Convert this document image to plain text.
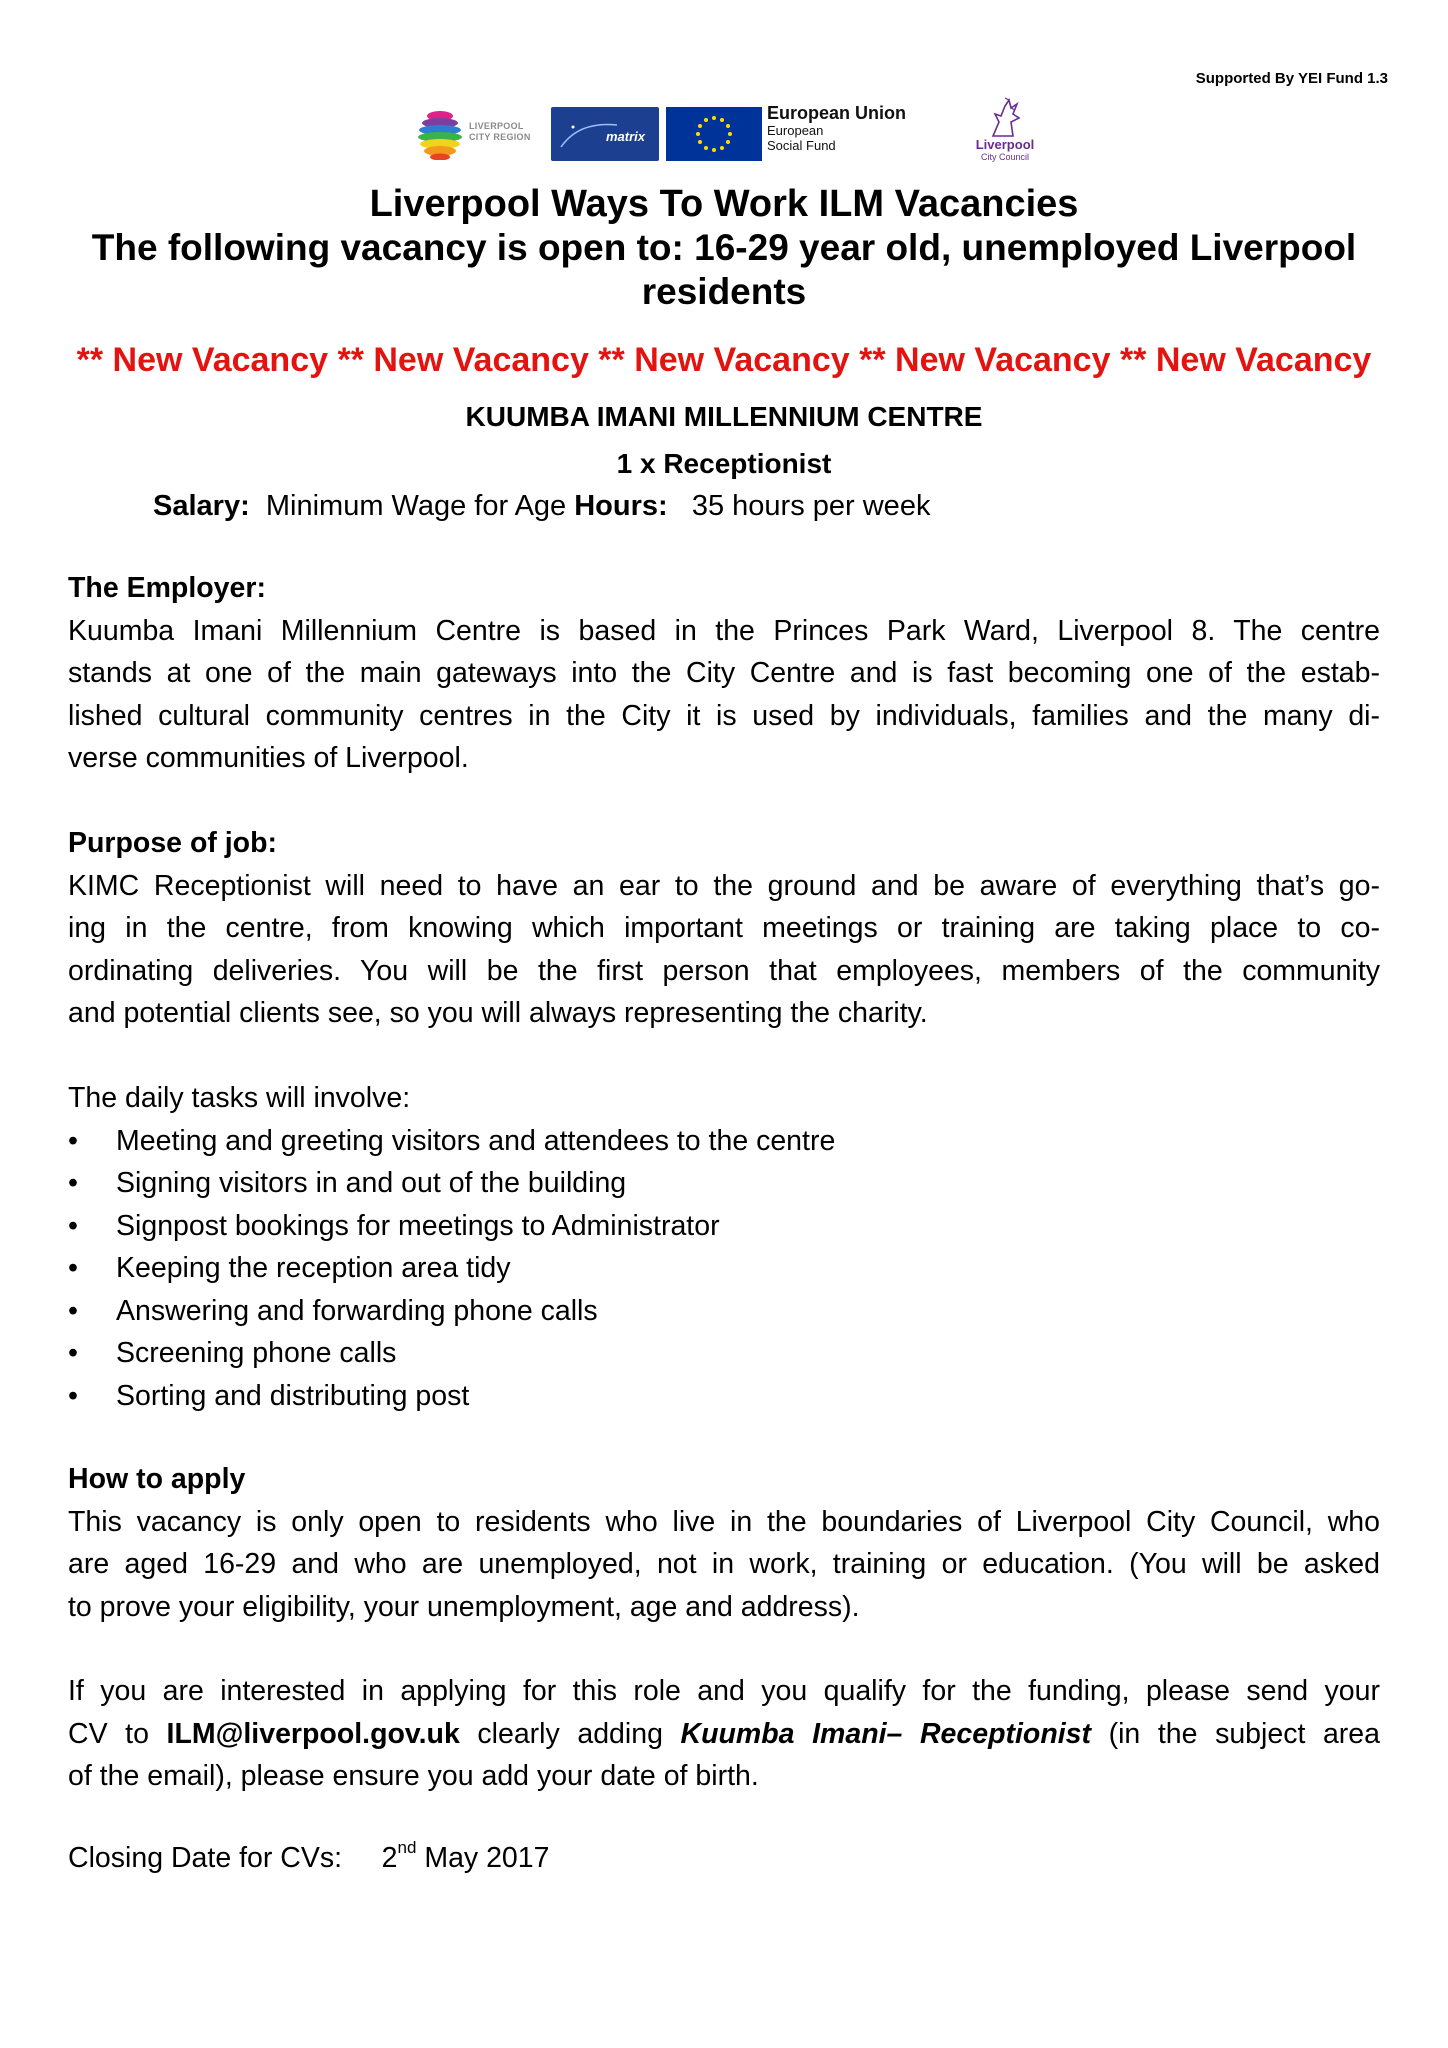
Supported By YEI Fund 1.3
LIVERPOOL
CITY REGION	matrix
European Union
European
Social Fund	Liverpool
City Council
Liverpool Ways To Work ILM Vacancies
The following vacancy is open to: 16-29 year old, unemployed Liverpool
residents
** New Vacancy ** New Vacancy ** New Vacancy ** New Vacancy ** New Vacancy
KUUMBA IMANI MILLENNIUM CENTRE
1 x Receptionist
Salary: Minimum Wage for Age Hours: 35 hours per week
The Employer:
Kuumba Imani Millennium Centre is based in the Princes Park Ward, Liverpool 8. The centre
stands at one of the main gateways into the City Centre and is fast becoming one of the estab-
lished cultural community centres in the City it is used by individuals, families and the many di-
verse communities of Liverpool.
Purpose of job:
KIMC Receptionist will need to have an ear to the ground and be aware of everything that’s go-
ing in the centre, from knowing which important meetings or training are taking place to co-
ordinating deliveries. You will be the first person that employees, members of the community
and potential clients see, so you will always representing the charity.
The daily tasks will involve:
• Meeting and greeting visitors and attendees to the centre
• Signing visitors in and out of the building
• Signpost bookings for meetings to Administrator
• Keeping the reception area tidy
• Answering and forwarding phone calls
• Screening phone calls
• Sorting and distributing post
How to apply
This vacancy is only open to residents who live in the boundaries of Liverpool City Council, who
are aged 16-29 and who are unemployed, not in work, training or education. (You will be asked
to prove your eligibility, your unemployment, age and address).
If you are interested in applying for this role and you qualify for the funding, please send your
CV to ILM@liverpool.gov.uk clearly adding Kuumba Imani– Receptionist (in the subject area
of the email), please ensure you add your date of birth.
Closing Date for CVs: 2nd May 2017
